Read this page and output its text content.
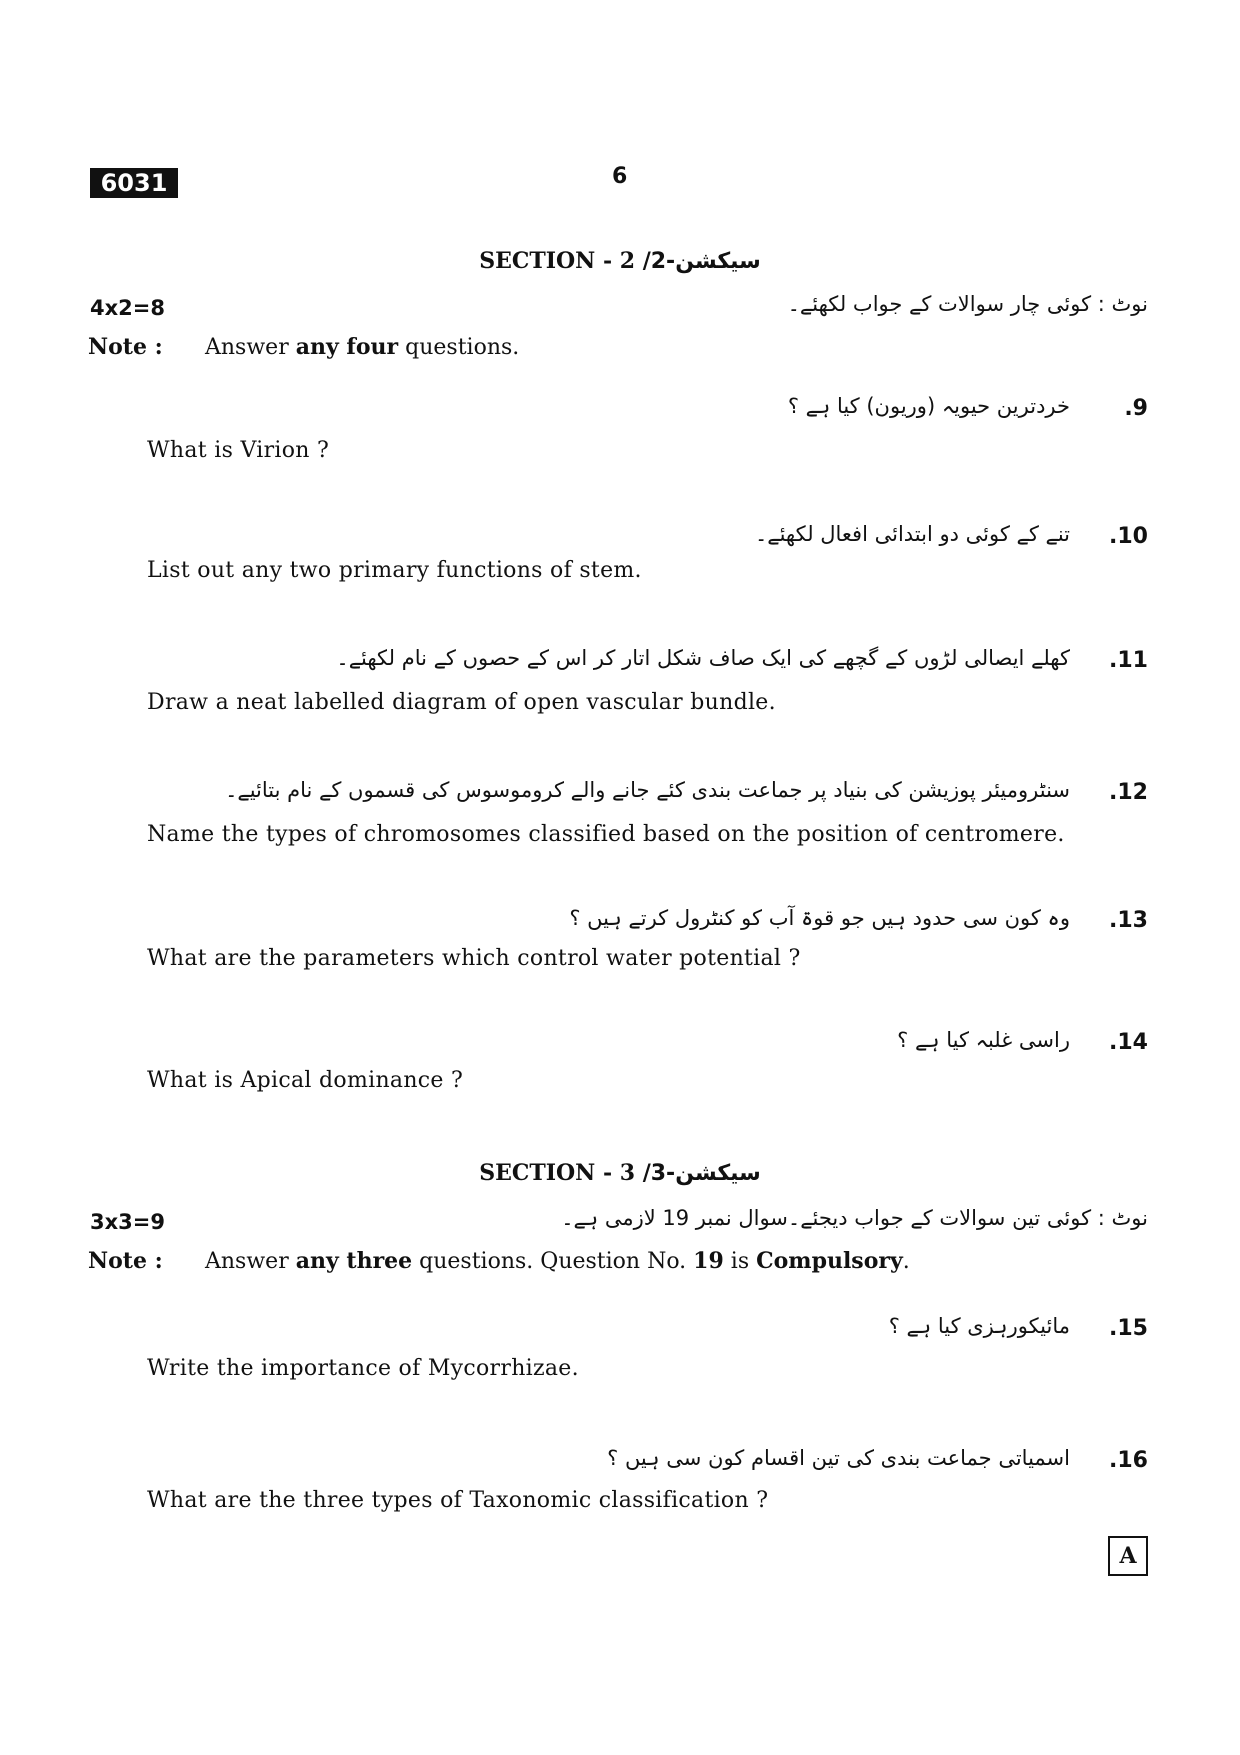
6031	6
SECTION - 2 /2-سیکشن
4x2=8	نوٹ : کوئی چار سوالات کے جواب لکھئے۔
Note : Answer any four questions.
.9
خردترین حیویہ (وریون) کیا ہے ؟
What is Virion ?
.10
تنے کے کوئی دو ابتدائی افعال لکھئے۔
List out any two primary functions of stem.
.11
کھلے ایصالی لڑوں کے گچھے کی ایک صاف شکل اتار کر اس کے حصوں کے نام لکھئے۔
Draw a neat labelled diagram of open vascular bundle.
.12
سنٹرومیئر پوزیشن کی بنیاد پر جماعت بندی کئے جانے والے کروموسوس کی قسموں کے نام بتائیے۔
Name the types of chromosomes classified based on the position of centromere.
.13
وہ کون سی حدود ہیں جو قوۃ آب کو کنٹرول کرتے ہیں ؟
What are the parameters which control water potential ?
.14
راسی غلبہ کیا ہے ؟
What is Apical dominance ?
SECTION - 3 /3-سیکشن
3x3=9	نوٹ : کوئی تین سوالات کے جواب دیجئے۔سوال نمبر 19 لازمی ہے۔
Note : Answer any three questions. Question No. 19 is Compulsory.
.15
مائیکورہزی کیا ہے ؟
Write the importance of Mycorrhizae.
.16
اسمیاتی جماعت بندی کی تین اقسام کون سی ہیں ؟
What are the three types of Taxonomic classification ?
A
